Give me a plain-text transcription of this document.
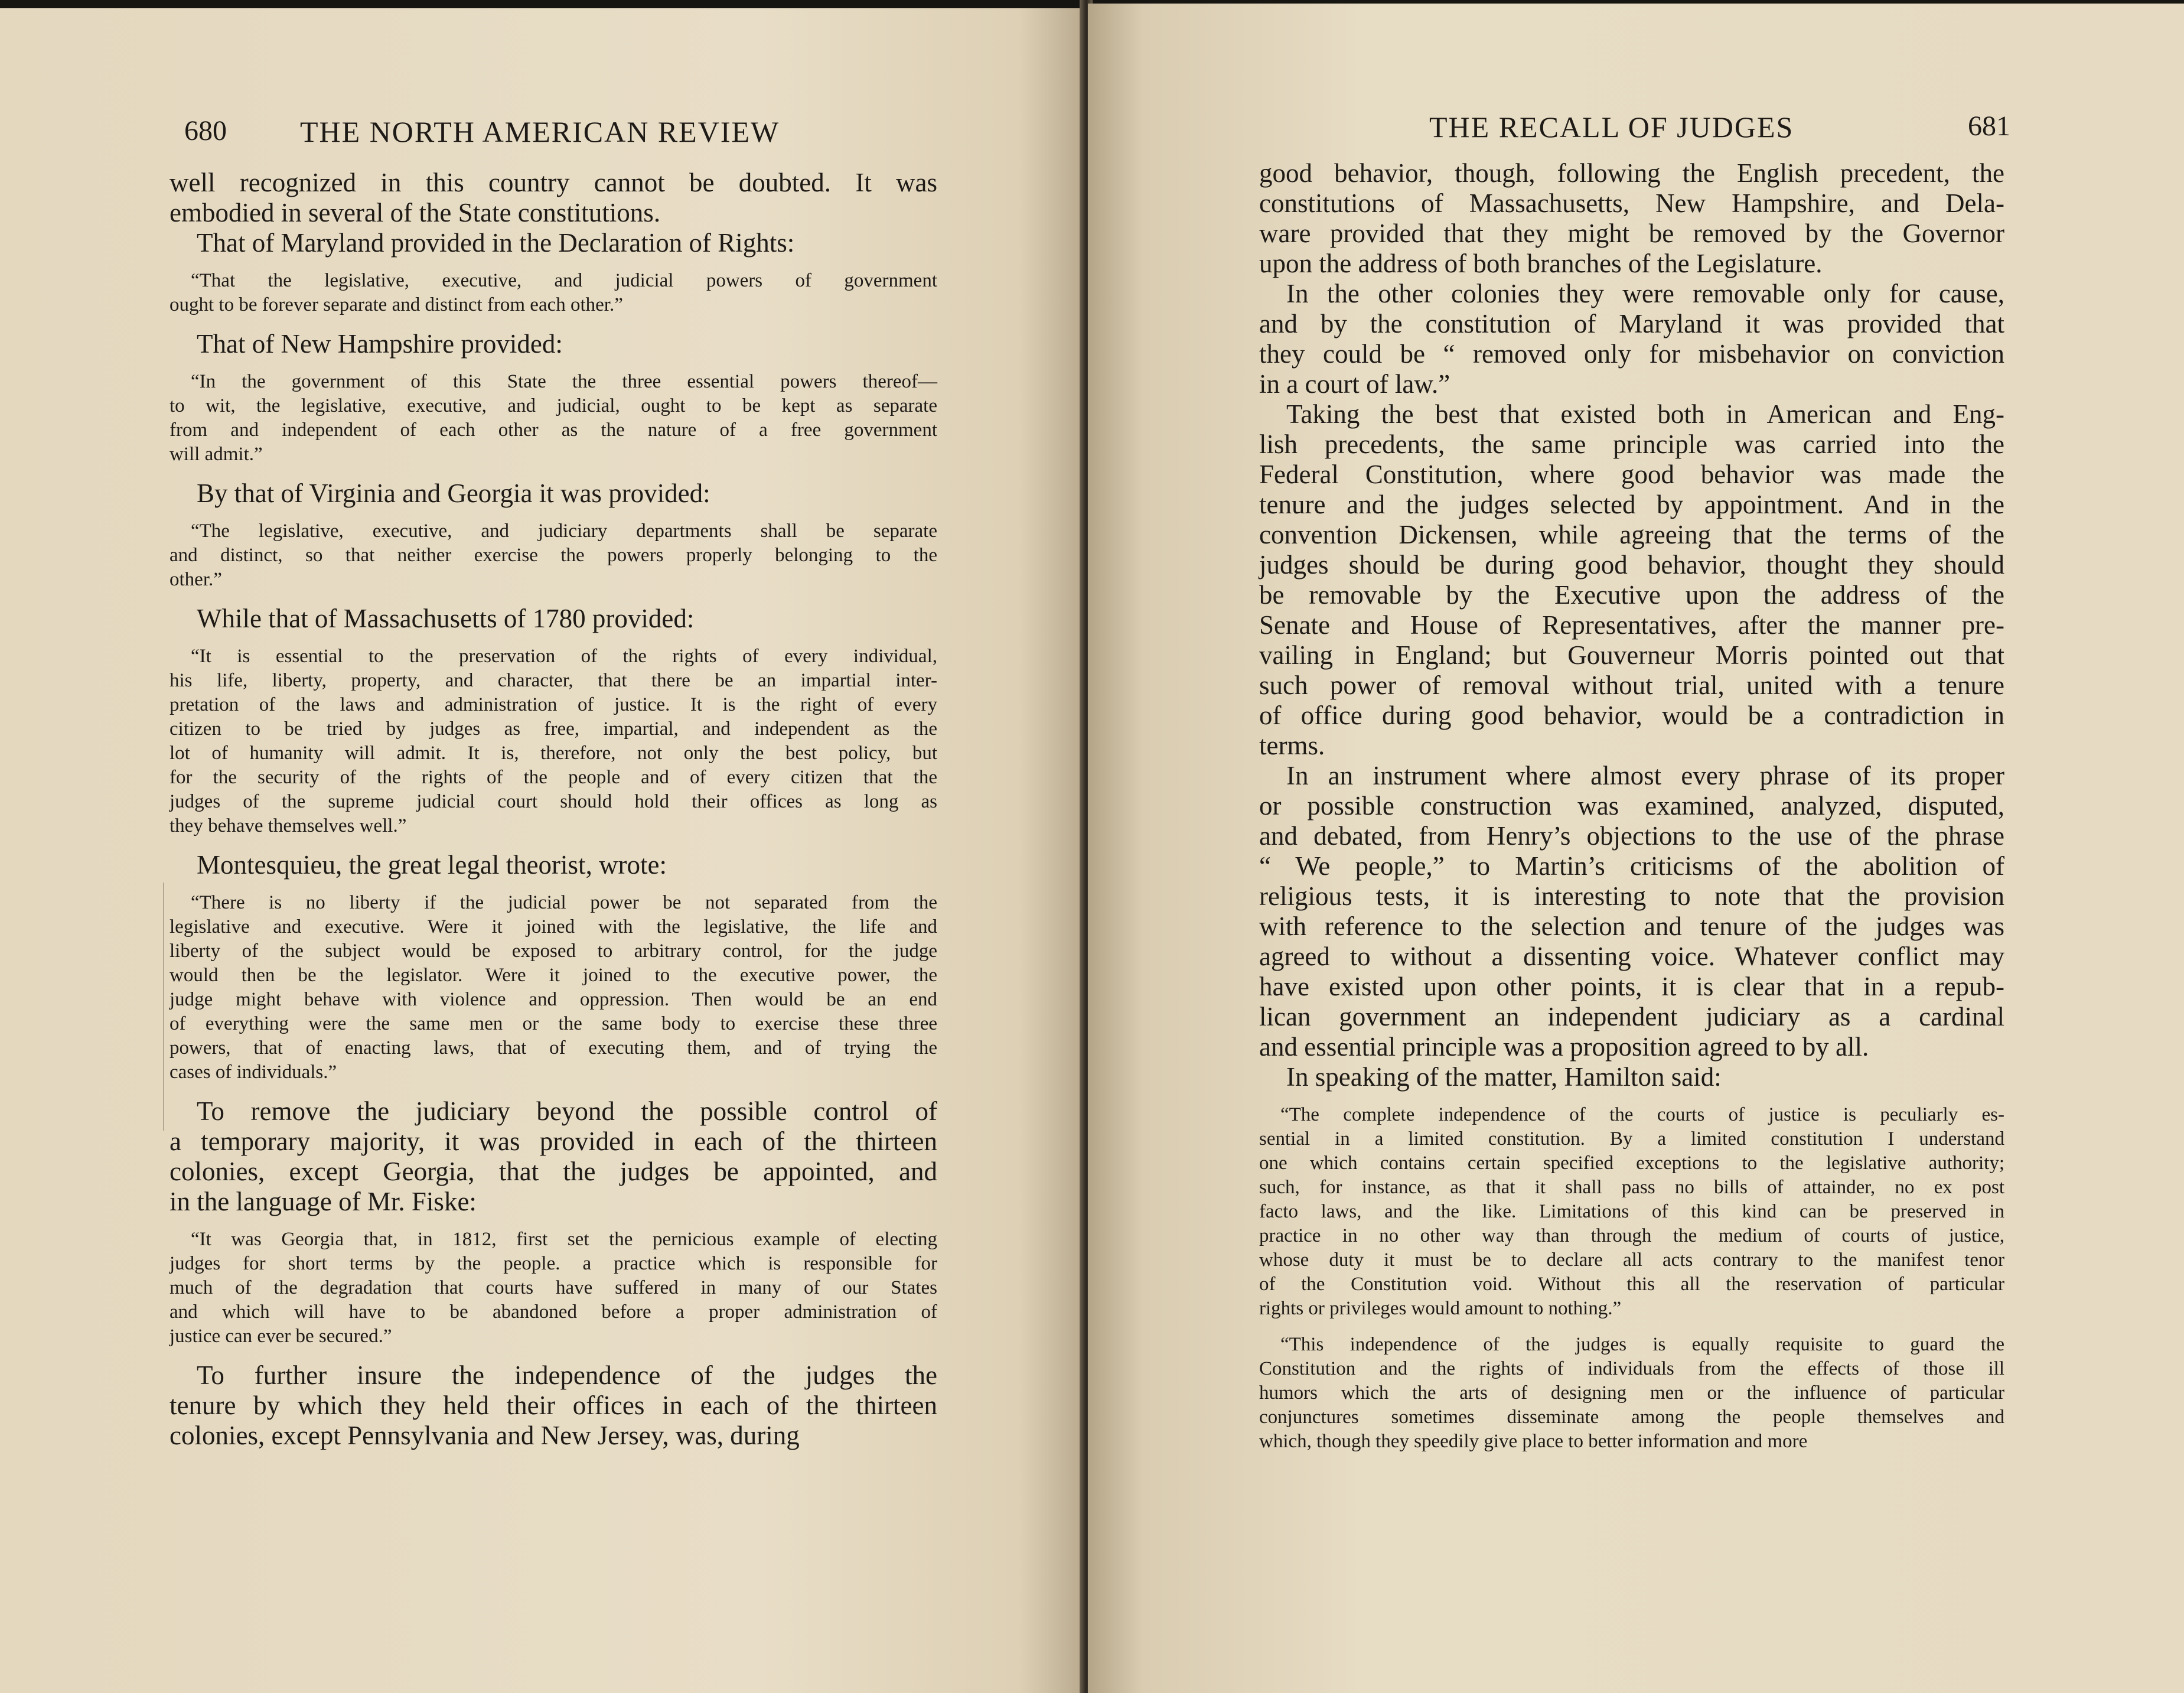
680 THE NORTH AMERICAN REVIEW
well recognized in this country cannot be doubted. It was
embodied in several of the State constitutions.
That of Maryland provided in the Declaration of Rights:
“That the legislative, executive, and judicial powers of government
ought to be forever separate and distinct from each other.”
That of New Hampshire provided:
“In the government of this State the three essential powers thereof—
to wit, the legislative, executive, and judicial, ought to be kept as separate
from and independent of each other as the nature of a free government
will admit.”
By that of Virginia and Georgia it was provided:
“The legislative, executive, and judiciary departments shall be separate
and distinct, so that neither exercise the powers properly belonging to the
other.”
While that of Massachusetts of 1780 provided:
“It is essential to the preservation of the rights of every individual,
his life, liberty, property, and character, that there be an impartial inter-
pretation of the laws and administration of justice. It is the right of every
citizen to be tried by judges as free, impartial, and independent as the
lot of humanity will admit. It is, therefore, not only the best policy, but
for the security of the rights of the people and of every citizen that the
judges of the supreme judicial court should hold their offices as long as
they behave themselves well.”
Montesquieu, the great legal theorist, wrote:
“There is no liberty if the judicial power be not separated from the
legislative and executive. Were it joined with the legislative, the life and
liberty of the subject would be exposed to arbitrary control, for the judge
would then be the legislator. Were it joined to the executive power, the
judge might behave with violence and oppression. Then would be an end
of everything were the same men or the same body to exercise these three
powers, that of enacting laws, that of executing them, and of trying the
cases of individuals.”
To remove the judiciary beyond the possible control of
a temporary majority, it was provided in each of the thirteen
colonies, except Georgia, that the judges be appointed, and
in the language of Mr. Fiske:
“It was Georgia that, in 1812, first set the pernicious example of electing
judges for short terms by the people. a practice which is responsible for
much of the degradation that courts have suffered in many of our States
and which will have to be abandoned before a proper administration of
justice can ever be secured.”
To further insure the independence of the judges the
tenure by which they held their offices in each of the thirteen
colonies, except Pennsylvania and New Jersey, was, during
THE RECALL OF JUDGES	681
good behavior, though, following the English precedent, the
constitutions of Massachusetts, New Hampshire, and Dela-
ware provided that they might be removed by the Governor
upon the address of both branches of the Legislature.
In the other colonies they were removable only for cause,
and by the constitution of Maryland it was provided that
they could be “ removed only for misbehavior on conviction
in a court of law.”
Taking the best that existed both in American and Eng-
lish precedents, the same principle was carried into the
Federal Constitution, where good behavior was made the
tenure and the judges selected by appointment. And in the
convention Dickensen, while agreeing that the terms of the
judges should be during good behavior, thought they should
be removable by the Executive upon the address of the
Senate and House of Representatives, after the manner pre-
vailing in England; but Gouverneur Morris pointed out that
such power of removal without trial, united with a tenure
of office during good behavior, would be a contradiction in
terms.
In an instrument where almost every phrase of its proper
or possible construction was examined, analyzed, disputed,
and debated, from Henry’s objections to the use of the phrase
“ We people,” to Martin’s criticisms of the abolition of
religious tests, it is interesting to note that the provision
with reference to the selection and tenure of the judges was
agreed to without a dissenting voice. Whatever conflict may
have existed upon other points, it is clear that in a repub-
lican government an independent judiciary as a cardinal
and essential principle was a proposition agreed to by all.
In speaking of the matter, Hamilton said:
“The complete independence of the courts of justice is peculiarly es-
sential in a limited constitution. By a limited constitution I understand
one which contains certain specified exceptions to the legislative authority;
such, for instance, as that it shall pass no bills of attainder, no ex post
facto laws, and the like. Limitations of this kind can be preserved in
practice in no other way than through the medium of courts of justice,
whose duty it must be to declare all acts contrary to the manifest tenor
of the Constitution void. Without this all the reservation of particular
rights or privileges would amount to nothing.”
“This independence of the judges is equally requisite to guard the
Constitution and the rights of individuals from the effects of those ill
humors which the arts of designing men or the influence of particular
conjunctures sometimes disseminate among the people themselves and
which, though they speedily give place to better information and more
